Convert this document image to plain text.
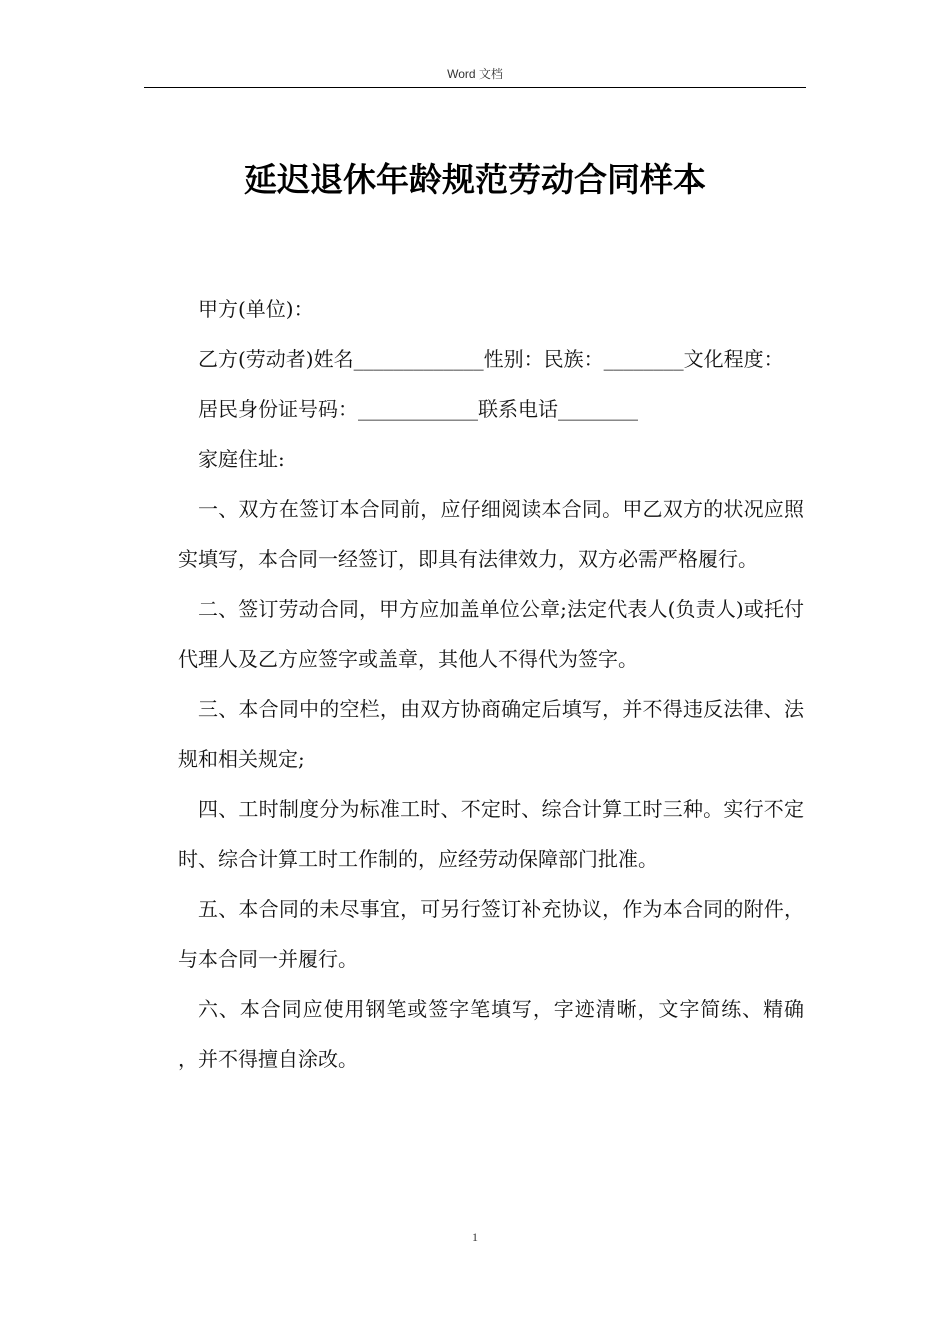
Word 文档
延迟退休年龄规范劳动合同样本

甲方(单位)：

乙方(劳动者)姓名_____________性别：民族：________文化程度：

居民身份证号码：____________联系电话________

家庭住址:

一、双方在签订本合同前，应仔细阅读本合同。甲乙双方的状况应照实填写，本合同一经签订，即具有法律效力，双方必需严格履行。

二、签订劳动合同，甲方应加盖单位公章;法定代表人(负责人)或托付代理人及乙方应签字或盖章，其他人不得代为签字。

三、本合同中的空栏，由双方协商确定后填写，并不得违反法律、法规和相关规定;

四、工时制度分为标准工时、不定时、综合计算工时三种。实行不定时、综合计算工时工作制的，应经劳动保障部门批准。

五、本合同的未尽事宜，可另行签订补充协议，作为本合同的附件，与本合同一并履行。

六、本合同应使用钢笔或签字笔填写，字迹清晰，文字简练、精确　　，并不得擅自涂改。

1
